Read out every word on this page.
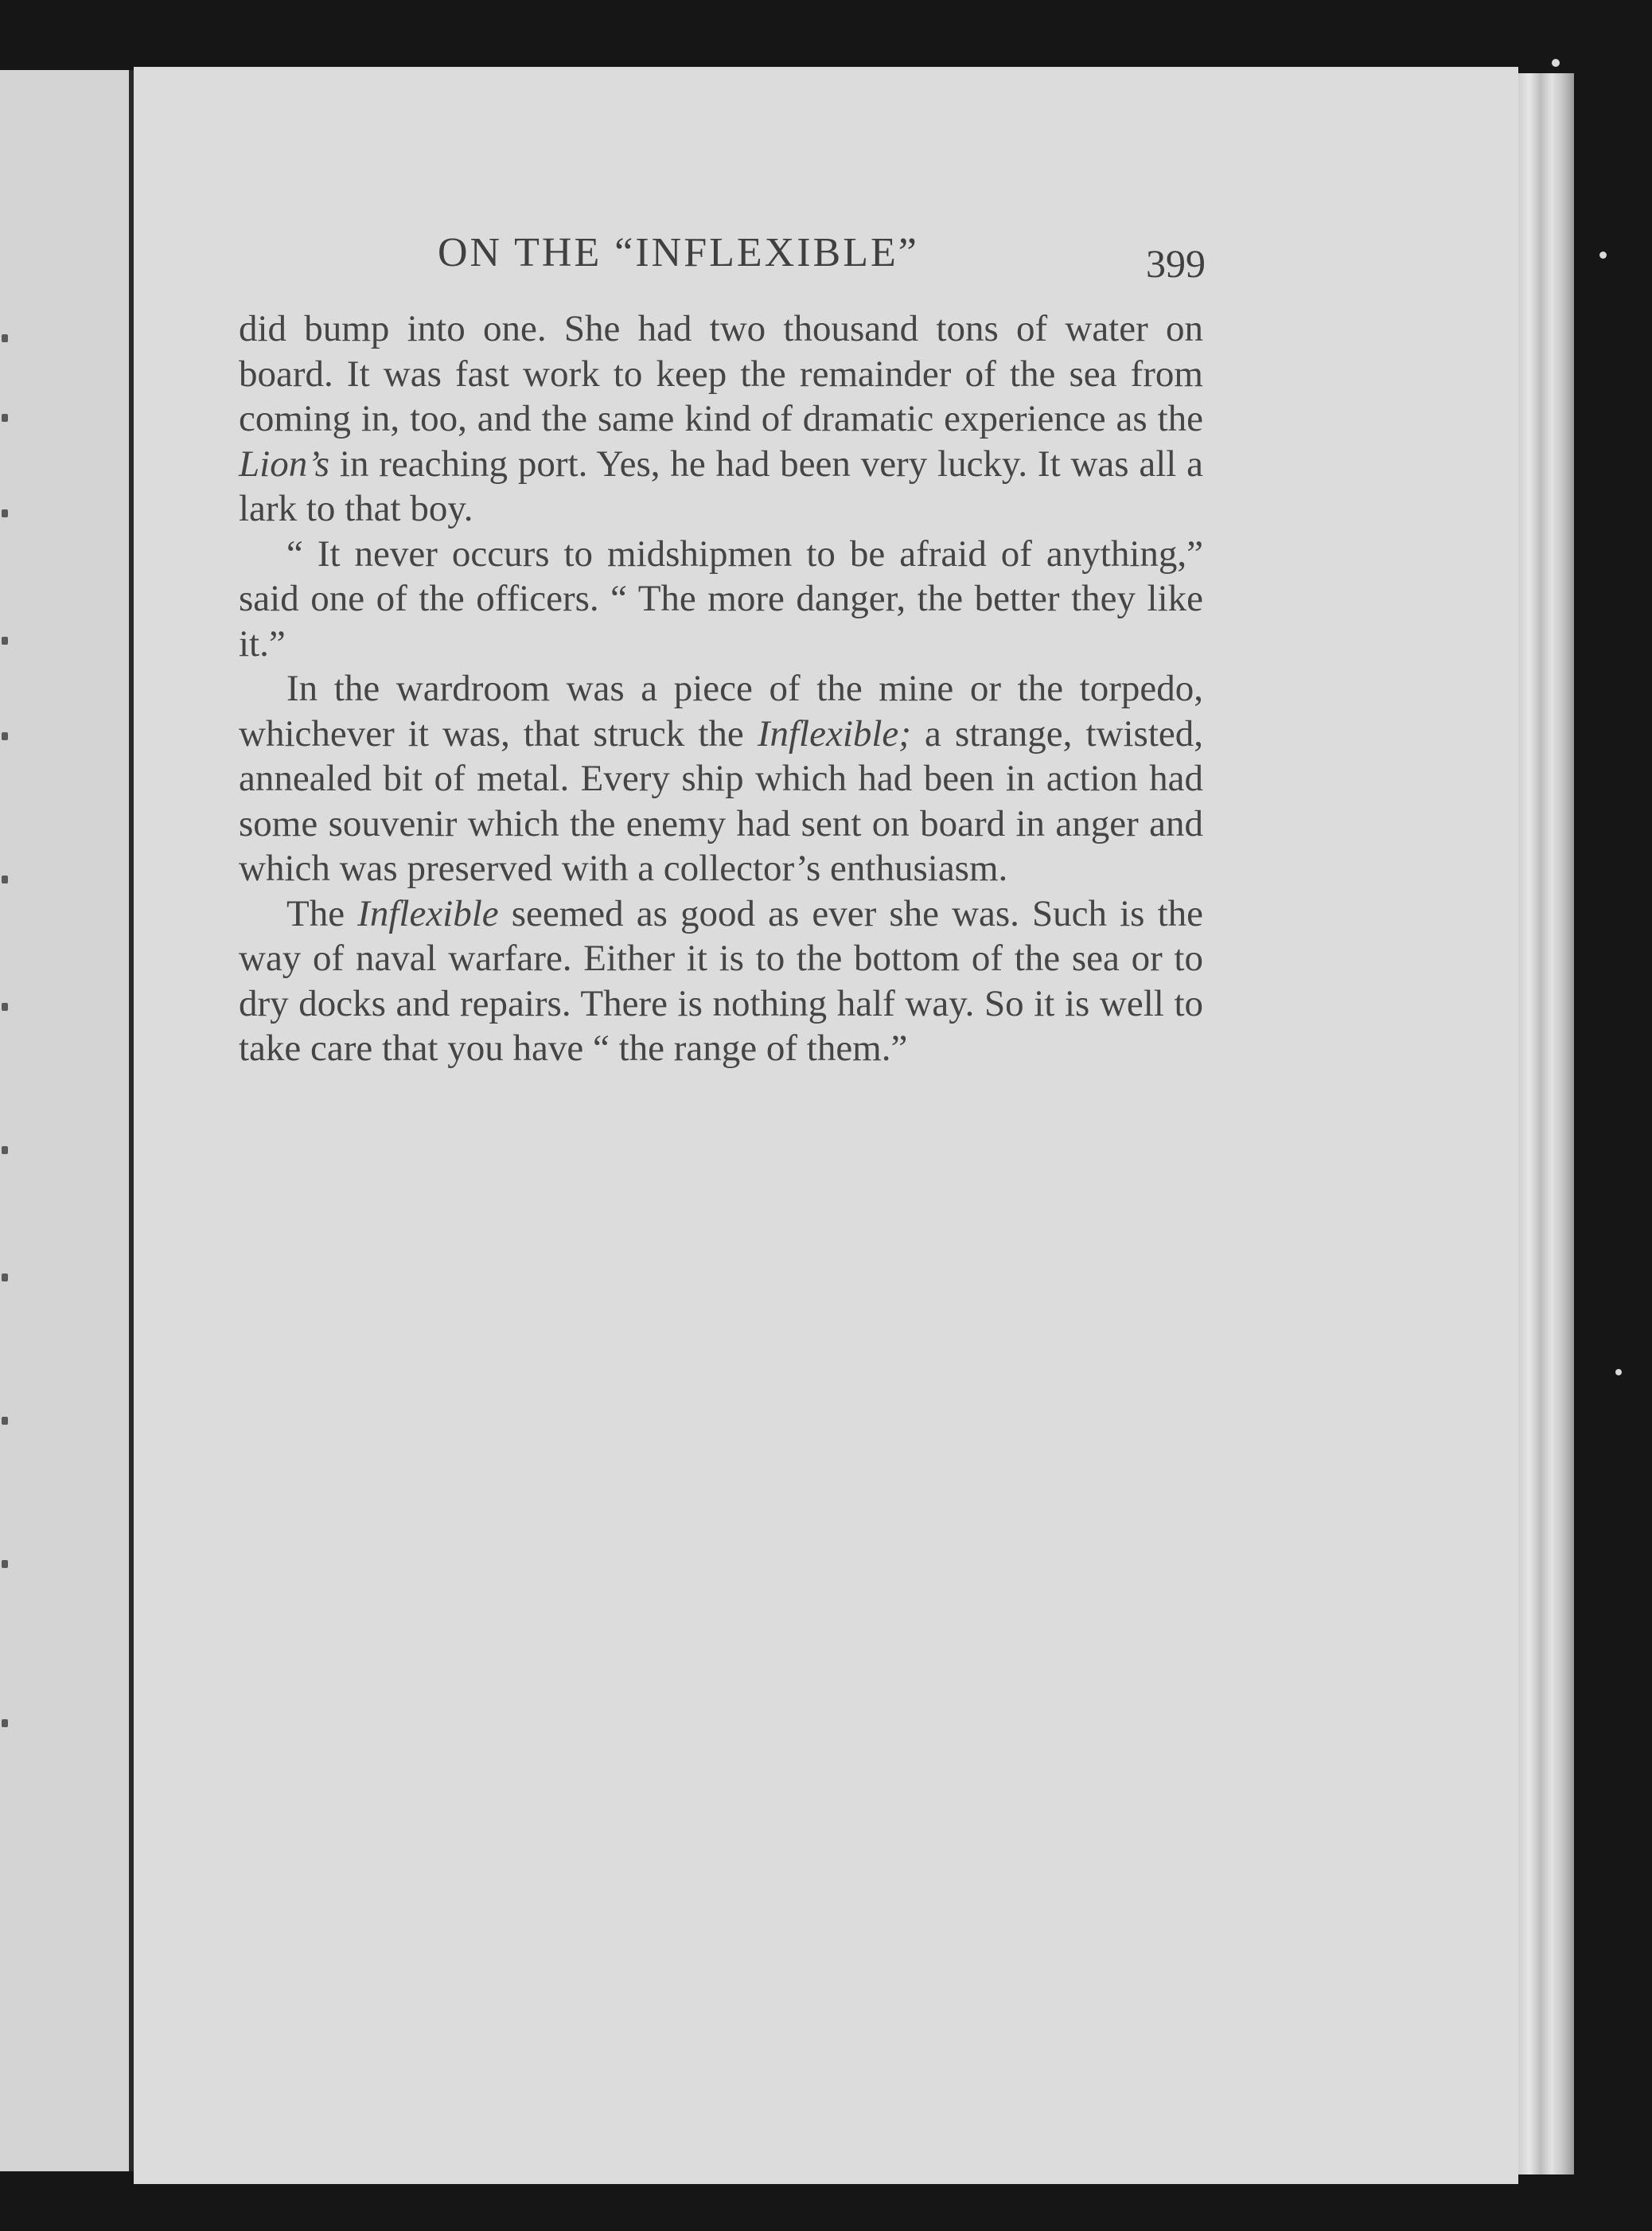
ON THE “INFLEXIBLE”	399

did bump into one. She had two thousand tons of water on board. It was fast work to keep the remainder of the sea from coming in, too, and the same kind of dramatic experience as the Lion’s in reaching port. Yes, he had been very lucky. It was all a lark to that boy.

“ It never occurs to midshipmen to be afraid of anything,” said one of the officers. “ The more danger, the better they like it.”

In the wardroom was a piece of the mine or the torpedo, whichever it was, that struck the Inflexible; a strange, twisted, annealed bit of metal. Every ship which had been in action had some souvenir which the enemy had sent on board in anger and which was preserved with a collector’s enthusiasm.

The Inflexible seemed as good as ever she was. Such is the way of naval warfare. Either it is to the bottom of the sea or to dry docks and repairs. There is nothing half way. So it is well to take care that you have “ the range of them.”
